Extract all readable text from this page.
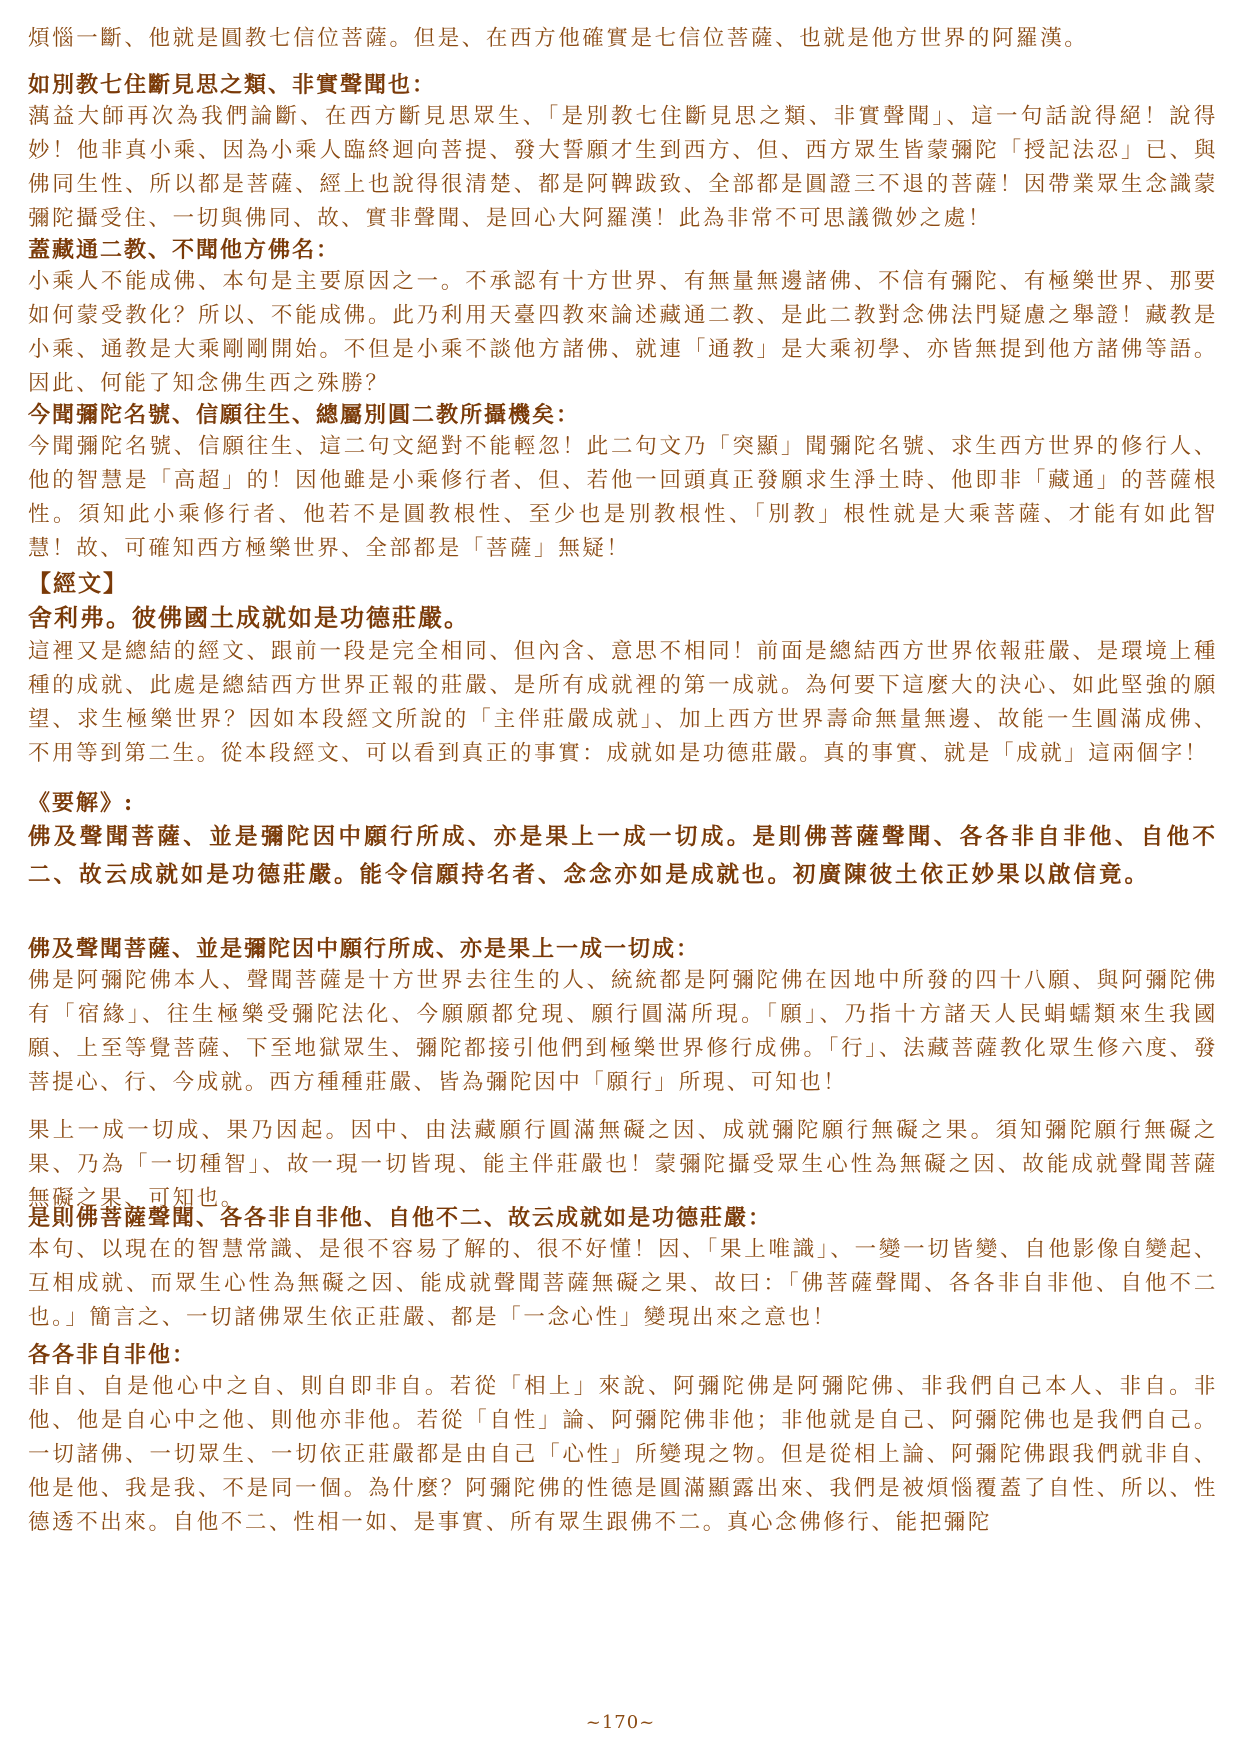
煩惱一斷、他就是圓教七信位菩薩。但是、在西方他確實是七信位菩薩、也就是他方世界的阿羅漢。

如別教七住斷見思之類、非實聲聞也：

蕅益大師再次為我們論斷、在西方斷見思眾生、「是別教七住斷見思之類、非實聲聞」、這一句話說得絕！說得妙！他非真小乘、因為小乘人臨終迴向菩提、發大誓願才生到西方、但、西方眾生皆蒙彌陀「授記法忍」已、與佛同生性、所以都是菩薩、經上也說得很清楚、都是阿鞞跋致、全部都是圓證三不退的菩薩！因帶業眾生念識蒙彌陀攝受住、一切與佛同、故、實非聲聞、是回心大阿羅漢！此為非常不可思議微妙之處！

蓋藏通二教、不聞他方佛名：

小乘人不能成佛、本句是主要原因之一。不承認有十方世界、有無量無邊諸佛、不信有彌陀、有極樂世界、那要如何蒙受教化？所以、不能成佛。此乃利用天臺四教來論述藏通二教、是此二教對念佛法門疑慮之舉證！藏教是小乘、通教是大乘剛剛開始。不但是小乘不談他方諸佛、就連「通教」是大乘初學、亦皆無提到他方諸佛等語。因此、何能了知念佛生西之殊勝？

今聞彌陀名號、信願往生、總屬別圓二教所攝機矣：

今聞彌陀名號、信願往生、這二句文絕對不能輕忽！此二句文乃「突顯」聞彌陀名號、求生西方世界的修行人、他的智慧是「高超」的！因他雖是小乘修行者、但、若他一回頭真正發願求生淨土時、他即非「藏通」的菩薩根性。須知此小乘修行者、他若不是圓教根性、至少也是別教根性、「別教」根性就是大乘菩薩、才能有如此智慧！故、可確知西方極樂世界、全部都是「菩薩」無疑！

【經文】

舍利弗。彼佛國土成就如是功德莊嚴。

這裡又是總結的經文、跟前一段是完全相同、但內含、意思不相同！前面是總結西方世界依報莊嚴、是環境上種種的成就、此處是總結西方世界正報的莊嚴、是所有成就裡的第一成就。為何要下這麼大的決心、如此堅強的願望、求生極樂世界？因如本段經文所說的「主伴莊嚴成就」、加上西方世界壽命無量無邊、故能一生圓滿成佛、不用等到第二生。從本段經文、可以看到真正的事實：成就如是功德莊嚴。真的事實、就是「成就」這兩個字！

《要解》:

佛及聲聞菩薩、並是彌陀因中願行所成、亦是果上一成一切成。是則佛菩薩聲聞、各各非自非他、自他不二、故云成就如是功德莊嚴。能令信願持名者、念念亦如是成就也。初廣陳彼土依正妙果以啟信竟。

佛及聲聞菩薩、並是彌陀因中願行所成、亦是果上一成一切成：

佛是阿彌陀佛本人、聲聞菩薩是十方世界去往生的人、統統都是阿彌陀佛在因地中所發的四十八願、與阿彌陀佛有「宿緣」、往生極樂受彌陀法化、今願願都兌現、願行圓滿所現。「願」、乃指十方諸天人民蜎蠕類來生我國願、上至等覺菩薩、下至地獄眾生、彌陀都接引他們到極樂世界修行成佛。「行」、法藏菩薩教化眾生修六度、發菩提心、行、今成就。西方種種莊嚴、皆為彌陀因中「願行」所現、可知也！

果上一成一切成、果乃因起。因中、由法藏願行圓滿無礙之因、成就彌陀願行無礙之果。須知彌陀願行無礙之果、乃為「一切種智」、故一現一切皆現、能主伴莊嚴也！蒙彌陀攝受眾生心性為無礙之因、故能成就聲聞菩薩無礙之果、可知也。

是則佛菩薩聲聞、各各非自非他、自他不二、故云成就如是功德莊嚴：

本句、以現在的智慧常識、是很不容易了解的、很不好懂！因、「果上唯識」、一變一切皆變、自他影像自變起、互相成就、而眾生心性為無礙之因、能成就聲聞菩薩無礙之果、故曰：「佛菩薩聲聞、各各非自非他、自他不二也。」簡言之、一切諸佛眾生依正莊嚴、都是「一念心性」變現出來之意也！

各各非自非他：

非自、自是他心中之自、則自即非自。若從「相上」來說、阿彌陀佛是阿彌陀佛、非我們自己本人、非自。非他、他是自心中之他、則他亦非他。若從「自性」論、阿彌陀佛非他；非他就是自己、阿彌陀佛也是我們自己。一切諸佛、一切眾生、一切依正莊嚴都是由自己「心性」所變現之物。但是從相上論、阿彌陀佛跟我們就非自、他是他、我是我、不是同一個。為什麼？阿彌陀佛的性德是圓滿顯露出來、我們是被煩惱覆蓋了自性、所以、性德透不出來。自他不二、性相一如、是事實、所有眾生跟佛不二。真心念佛修行、能把彌陀

~170~
